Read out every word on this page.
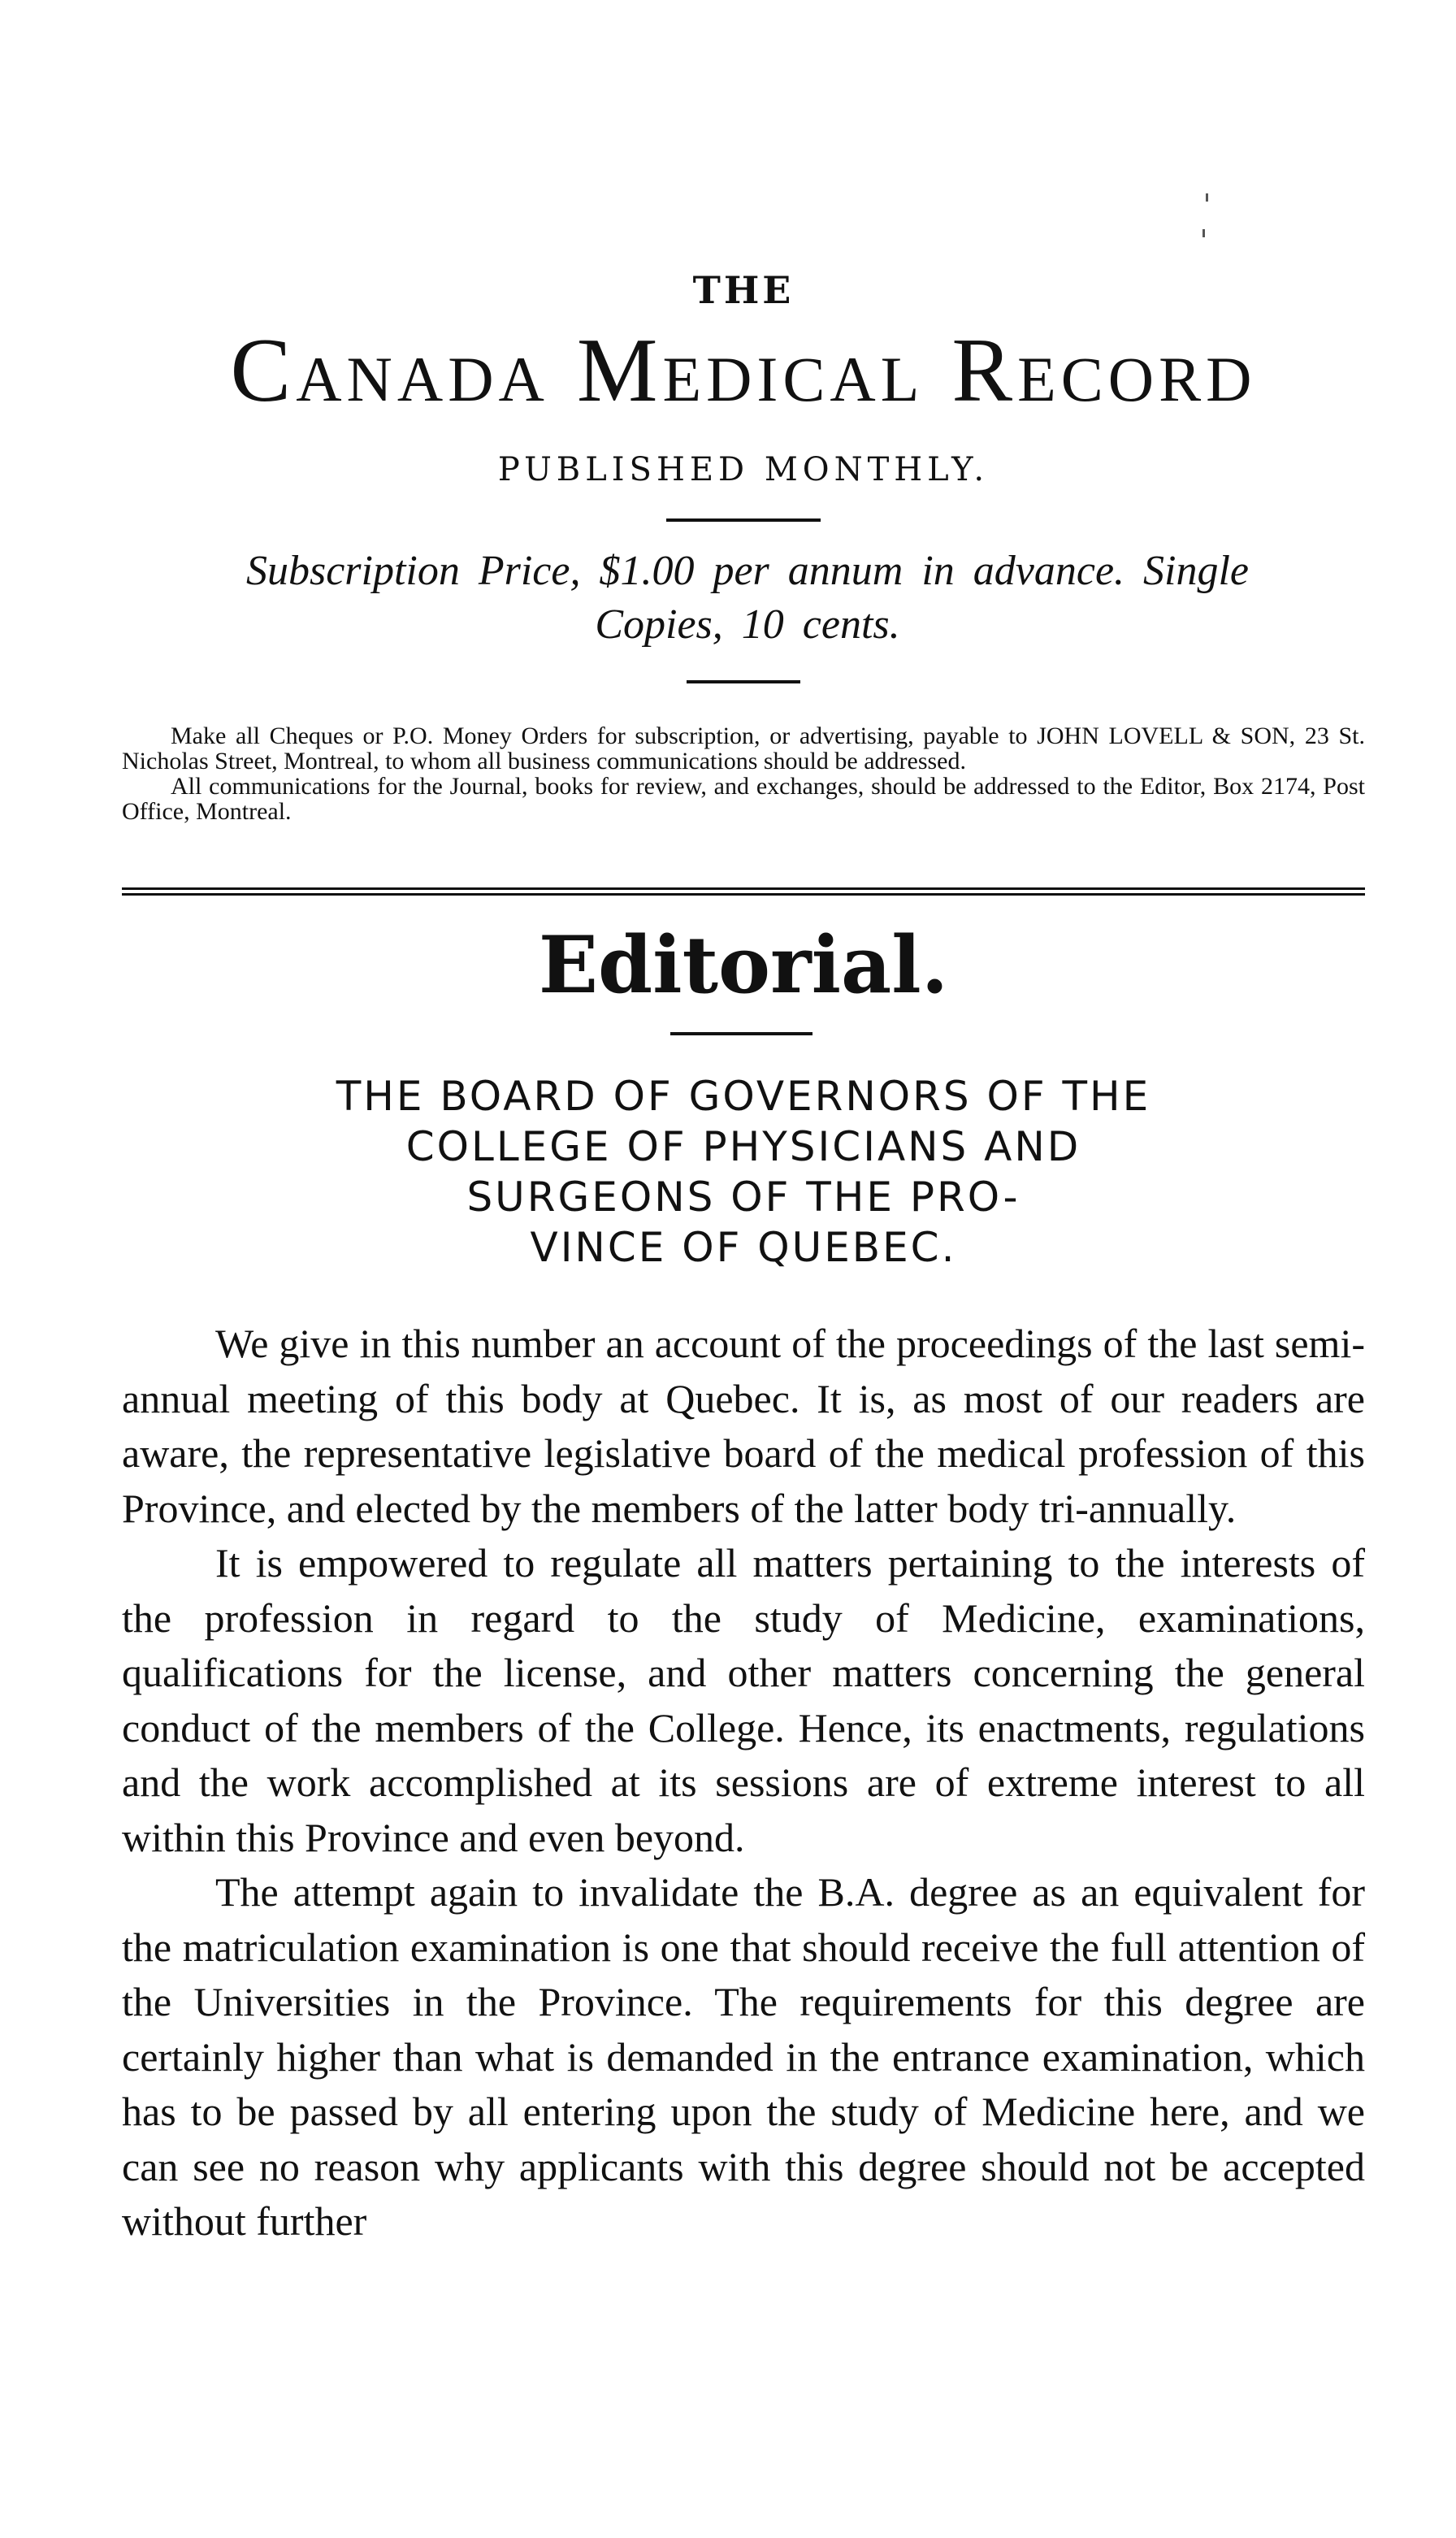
THE
Canada Medical Record
PUBLISHED MONTHLY.
Subscription Price, $1.00 per annum in advance. Single
Copies, 10 cents.

Make all Cheques or P.O. Money Orders for subscription, or advertising, payable to JOHN LOVELL & SON, 23 St. Nicholas Street, Montreal, to whom all business communications should be addressed.

All communications for the Journal, books for review, and exchanges, should be addressed to the Editor, Box 2174, Post Office, Montreal.

Editorial.
THE BOARD OF GOVERNORS OF THE
COLLEGE OF PHYSICIANS AND
SURGEONS OF THE PRO-
VINCE OF QUEBEC.

We give in this number an account of the proceedings of the last semi-annual meeting of this body at Quebec. It is, as most of our readers are aware, the representative legislative board of the medical profession of this Province, and elected by the members of the latter body tri-annually.

It is empowered to regulate all matters pertaining to the interests of the profession in regard to the study of Medicine, examinations, qualifications for the license, and other matters concerning the general conduct of the members of the College. Hence, its enactments, regulations and the work accomplished at its sessions are of extreme interest to all within this Province and even beyond.

The attempt again to invalidate the B.A. degree as an equivalent for the matriculation examination is one that should receive the full attention of the Universities in the Province. The requirements for this degree are certainly higher than what is demanded in the entrance examination, which has to be passed by all entering upon the study of Medicine here, and we can see no reason why applicants with this degree should not be accepted without further
